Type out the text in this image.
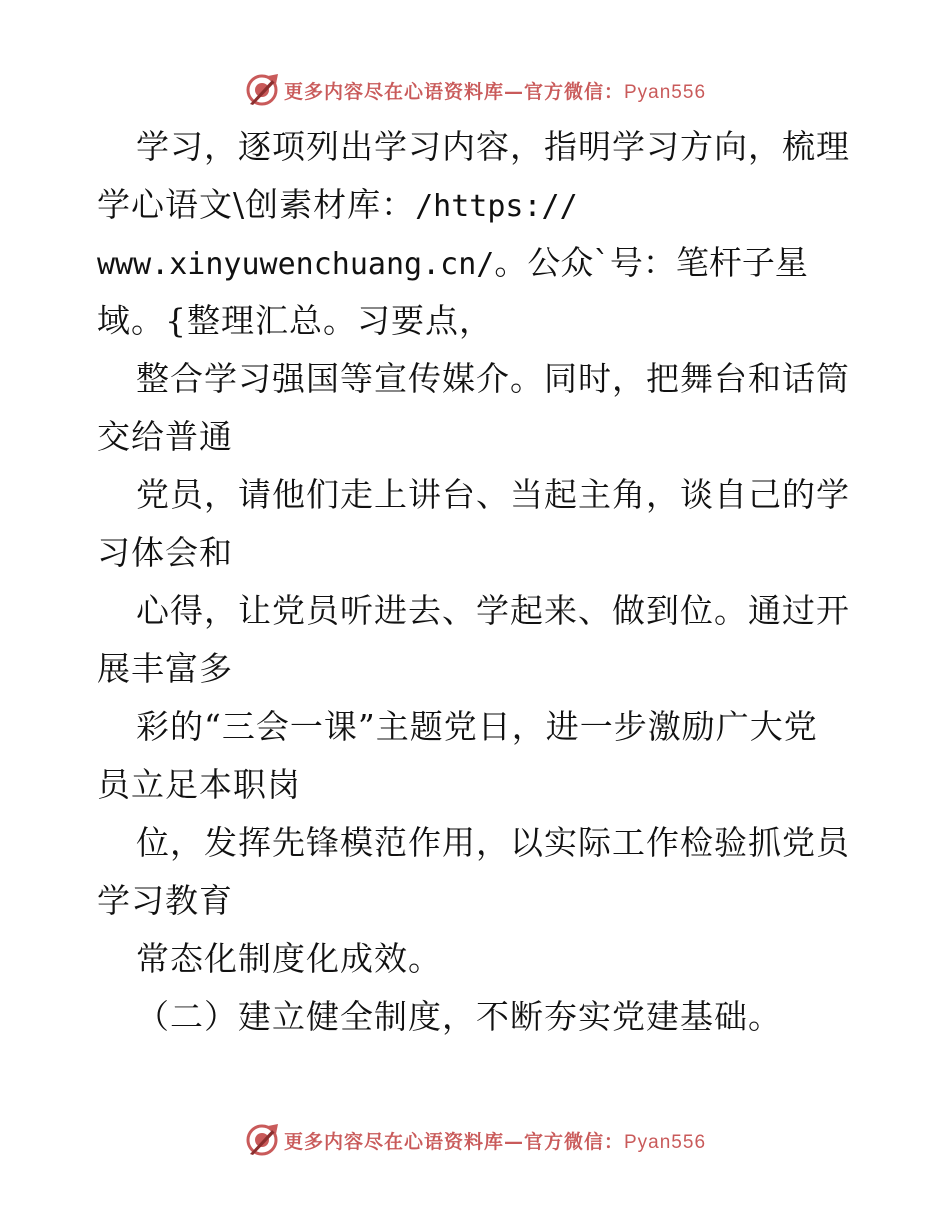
更多内容尽在心语资料库—官方微信：Pyan556
学习，逐项列出学习内容，指明学习方向，梳理
学心语文\创素材库：/https://
www.xinyuwenchuang.cn/。公众`号：笔杆子星
域。{整理汇总。习要点，
整合学习强国等宣传媒介。同时，把舞台和话筒
交给普通
党员，请他们走上讲台、当起主角，谈自己的学
习体会和
心得，让党员听进去、学起来、做到位。通过开
展丰富多
彩的“三会一课”主题党日，进一步激励广大党
员立足本职岗
位，发挥先锋模范作用，以实际工作检验抓党员
学习教育
常态化制度化成效。
（二）建立健全制度，不断夯实党建基础。
更多内容尽在心语资料库—官方微信：Pyan556
